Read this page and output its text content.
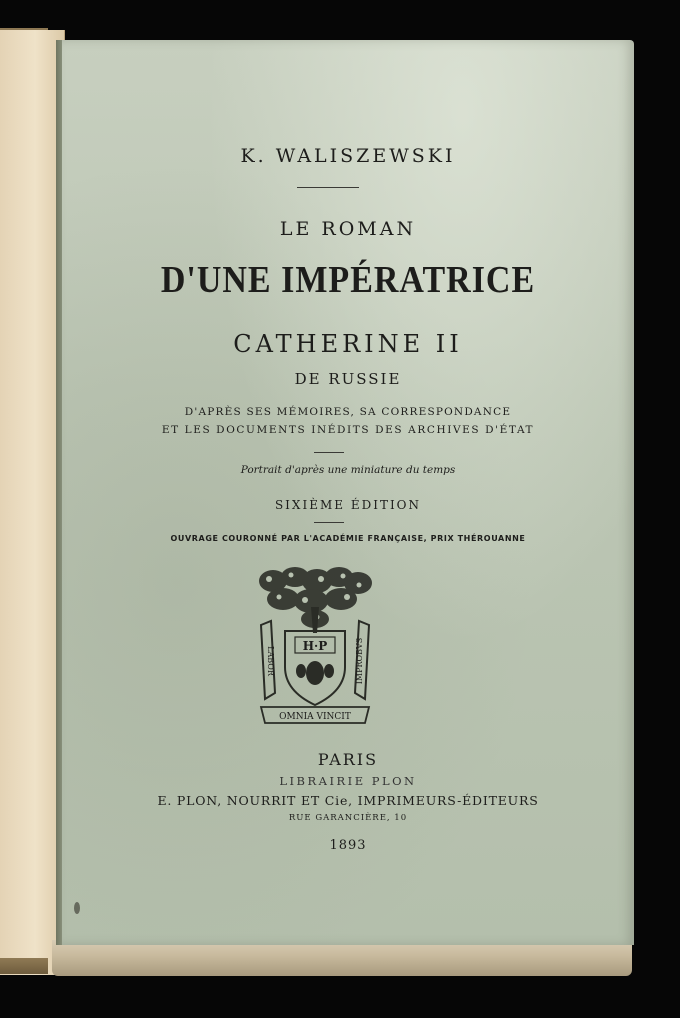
K. WALISZEWSKI

LE ROMAN

D'UNE IMPÉRATRICE

CATHERINE II

DE RUSSIE

D'APRÈS SES MÉMOIRES, SA CORRESPONDANCE

ET LES DOCUMENTS INÉDITS DES ARCHIVES D'ÉTAT

Portrait d'après une miniature du temps

SIXIÈME ÉDITION

OUVRAGE COURONNÉ PAR L'ACADÉMIE FRANÇAISE, PRIX THÉROUANNE

H·P
LABOR	IMPROBVS
OMNIA VINCIT

PARIS

LIBRAIRIE PLON

E. PLON, NOURRIT ET Cie, IMPRIMEURS-ÉDITEURS

RUE GARANCIÈRE, 10

1893
